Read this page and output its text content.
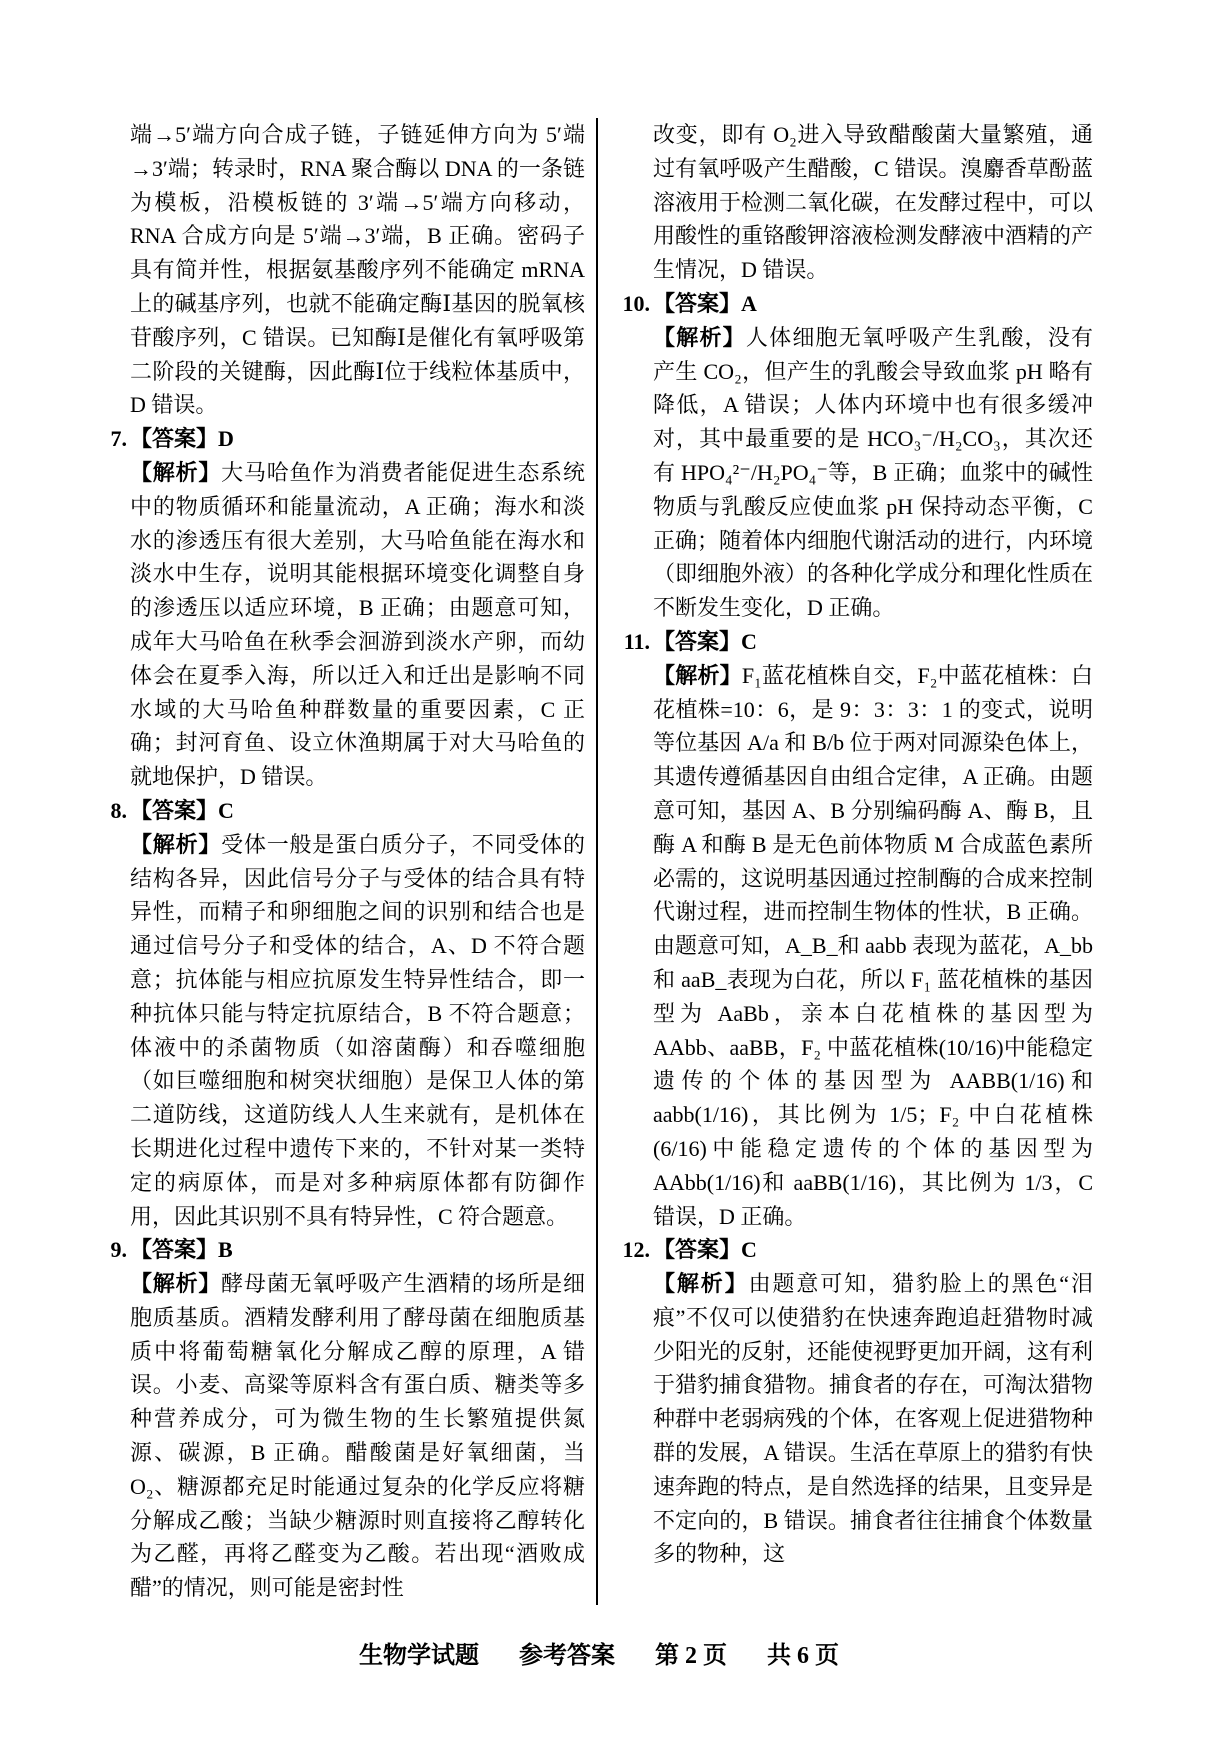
端→5′端方向合成子链，子链延伸方向为 5′端→3′端；转录时，RNA 聚合酶以 DNA 的一条链为模板，沿模板链的 3′端→5′端方向移动，RNA 合成方向是 5′端→3′端，B 正确。密码子具有简并性，根据氨基酸序列不能确定 mRNA 上的碱基序列，也就不能确定酶Ⅰ基因的脱氧核苷酸序列，C 错误。已知酶Ⅰ是催化有氧呼吸第二阶段的关键酶，因此酶Ⅰ位于线粒体基质中，D 错误。
7. 【答案】D
【解析】大马哈鱼作为消费者能促进生态系统中的物质循环和能量流动，A 正确；海水和淡水的渗透压有很大差别，大马哈鱼能在海水和淡水中生存，说明其能根据环境变化调整自身的渗透压以适应环境，B 正确；由题意可知，成年大马哈鱼在秋季会洄游到淡水产卵，而幼体会在夏季入海，所以迁入和迁出是影响不同水域的大马哈鱼种群数量的重要因素，C 正确；封河育鱼、设立休渔期属于对大马哈鱼的就地保护，D 错误。
8. 【答案】C
【解析】受体一般是蛋白质分子，不同受体的结构各异，因此信号分子与受体的结合具有特异性，而精子和卵细胞之间的识别和结合也是通过信号分子和受体的结合，A、D 不符合题意；抗体能与相应抗原发生特异性结合，即一种抗体只能与特定抗原结合，B 不符合题意；体液中的杀菌物质（如溶菌酶）和吞噬细胞（如巨噬细胞和树突状细胞）是保卫人体的第二道防线，这道防线人人生来就有，是机体在长期进化过程中遗传下来的，不针对某一类特定的病原体，而是对多种病原体都有防御作用，因此其识别不具有特异性，C 符合题意。
9. 【答案】B
【解析】酵母菌无氧呼吸产生酒精的场所是细胞质基质。酒精发酵利用了酵母菌在细胞质基质中将葡萄糖氧化分解成乙醇的原理，A 错误。小麦、高粱等原料含有蛋白质、糖类等多种营养成分，可为微生物的生长繁殖提供氮源、碳源，B 正确。醋酸菌是好氧细菌，当 O₂、糖源都充足时能通过复杂的化学反应将糖分解成乙酸；当缺少糖源时则直接将乙醇转化为乙醛，再将乙醛变为乙酸。若出现“酒败成醋”的情况，则可能是密封性
改变，即有 O₂进入导致醋酸菌大量繁殖，通过有氧呼吸产生醋酸，C 错误。溴麝香草酚蓝溶液用于检测二氧化碳，在发酵过程中，可以用酸性的重铬酸钾溶液检测发酵液中酒精的产生情况，D 错误。
10. 【答案】A
【解析】人体细胞无氧呼吸产生乳酸，没有产生 CO₂，但产生的乳酸会导致血浆 pH 略有降低，A 错误；人体内环境中也有很多缓冲对，其中最重要的是 HCO₃⁻/H₂CO₃，其次还有 HPO₄²⁻/H₂PO₄⁻等，B 正确；血浆中的碱性物质与乳酸反应使血浆 pH 保持动态平衡，C 正确；随着体内细胞代谢活动的进行，内环境（即细胞外液）的各种化学成分和理化性质在不断发生变化，D 正确。
11. 【答案】C
【解析】F₁蓝花植株自交，F₂中蓝花植株：白花植株=10：6，是 9：3：3：1 的变式，说明等位基因 A/a 和 B/b 位于两对同源染色体上，其遗传遵循基因自由组合定律，A 正确。由题意可知，基因 A、B 分别编码酶 A、酶 B，且酶 A 和酶 B 是无色前体物质 M 合成蓝色素所必需的，这说明基因通过控制酶的合成来控制代谢过程，进而控制生物体的性状，B 正确。由题意可知，A_B_和 aabb 表现为蓝花，A_bb 和 aaB_表现为白花，所以 F₁ 蓝花植株的基因型为 AaBb，亲本白花植株的基因型为 AAbb、aaBB，F₂ 中蓝花植株(10/16)中能稳定遗传的个体的基因型为 AABB(1/16)和 aabb(1/16)，其比例为 1/5；F₂ 中白花植株(6/16)中能稳定遗传的个体的基因型为 AAbb(1/16)和 aaBB(1/16)，其比例为 1/3，C 错误，D 正确。
12. 【答案】C
【解析】由题意可知，猎豹脸上的黑色“泪痕”不仅可以使猎豹在快速奔跑追赶猎物时减少阳光的反射，还能使视野更加开阔，这有利于猎豹捕食猎物。捕食者的存在，可淘汰猎物种群中老弱病残的个体，在客观上促进猎物种群的发展，A 错误。生活在草原上的猎豹有快速奔跑的特点，是自然选择的结果，且变异是不定向的，B 错误。捕食者往往捕食个体数量多的物种，这
生物学试题 参考答案 第 2 页 共 6 页
